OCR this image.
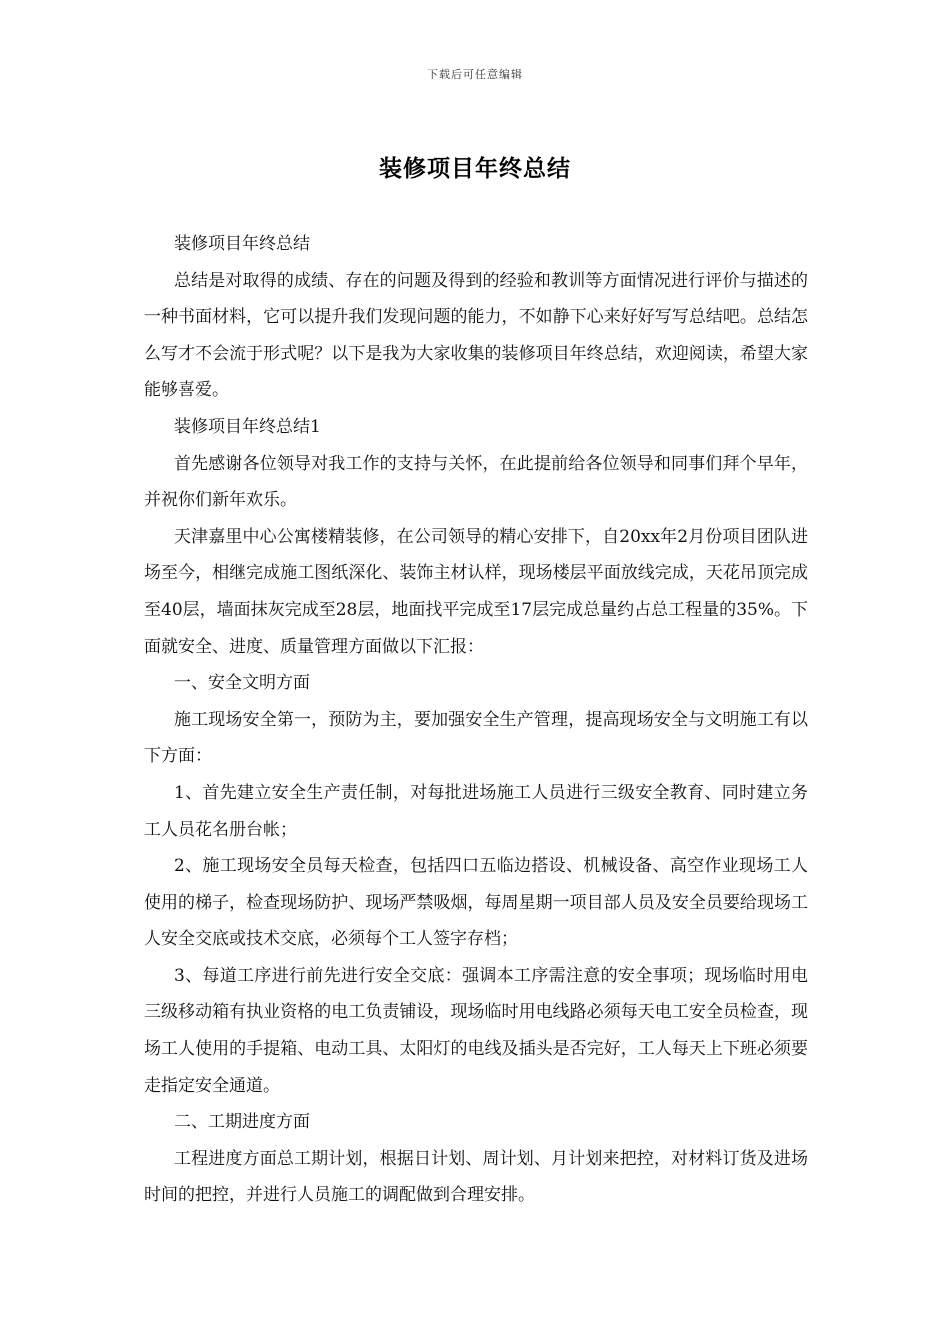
下载后可任意编辑
装修项目年终总结

装修项目年终总结

总结是对取得的成绩、存在的问题及得到的经验和教训等方面情况进行评价与描述的一种书面材料，它可以提升我们发现问题的能力，不如静下心来好好写写总结吧。总结怎么写才不会流于形式呢？以下是我为大家收集的装修项目年终总结，欢迎阅读，希望大家能够喜爱。

装修项目年终总结1

首先感谢各位领导对我工作的支持与关怀，在此提前给各位领导和同事们拜个早年，并祝你们新年欢乐。

天津嘉里中心公寓楼精装修，在公司领导的精心安排下，自20xx年2月份项目团队进场至今，相继完成施工图纸深化、装饰主材认样，现场楼层平面放线完成，天花吊顶完成至40层，墙面抹灰完成至28层，地面找平完成至17层完成总量约占总工程量的35%。下面就安全、进度、质量管理方面做以下汇报：

一、安全文明方面

施工现场安全第一，预防为主，要加强安全生产管理，提高现场安全与文明施工有以下方面：

1、首先建立安全生产责任制，对每批进场施工人员进行三级安全教育、同时建立务工人员花名册台帐；

2、施工现场安全员每天检查，包括四口五临边搭设、机械设备、高空作业现场工人使用的梯子，检查现场防护、现场严禁吸烟，每周星期一项目部人员及安全员要给现场工人安全交底或技术交底，必须每个工人签字存档；

3、每道工序进行前先进行安全交底：强调本工序需注意的安全事项；现场临时用电三级移动箱有执业资格的电工负责铺设，现场临时用电线路必须每天电工安全员检查，现场工人使用的手提箱、电动工具、太阳灯的电线及插头是否完好，工人每天上下班必须要走指定安全通道。

二、工期进度方面

工程进度方面总工期计划，根据日计划、周计划、月计划来把控，对材料订货及进场时间的把控，并进行人员施工的调配做到合理安排。
